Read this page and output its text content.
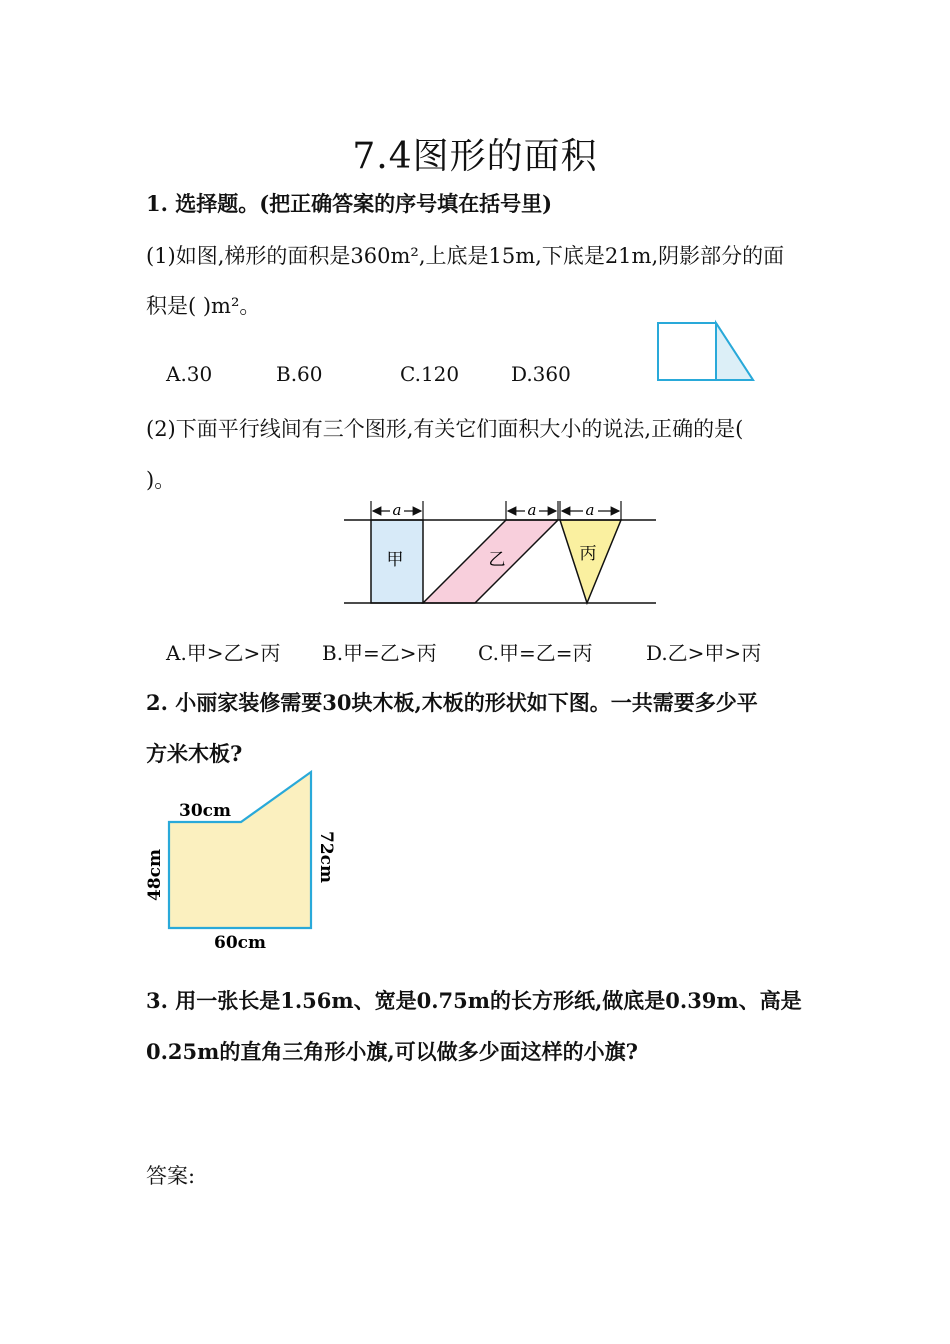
7.4图形的面积
1. 选择题。(把正确答案的序号填在括号里)
(1)如图,梯形的面积是360m²,上底是15m,下底是21m,阴影部分的面
积是( )m²。
A.30	B.60	C.120	D.360
(2)下面平行线间有三个图形,有关它们面积大小的说法,正确的是(
)。
a	a	a
甲	乙	丙
A.甲>乙>丙 B.甲=乙>丙 C.甲=乙=丙	D.乙>甲>丙
2. 小丽家装修需要30块木板,木板的形状如下图。一共需要多少平
方米木板?
30cm
60cm
48cm	72cm
3. 用一张长是1.56m、宽是0.75m的长方形纸,做底是0.39m、高是
0.25m的直角三角形小旗,可以做多少面这样的小旗?
答案:
